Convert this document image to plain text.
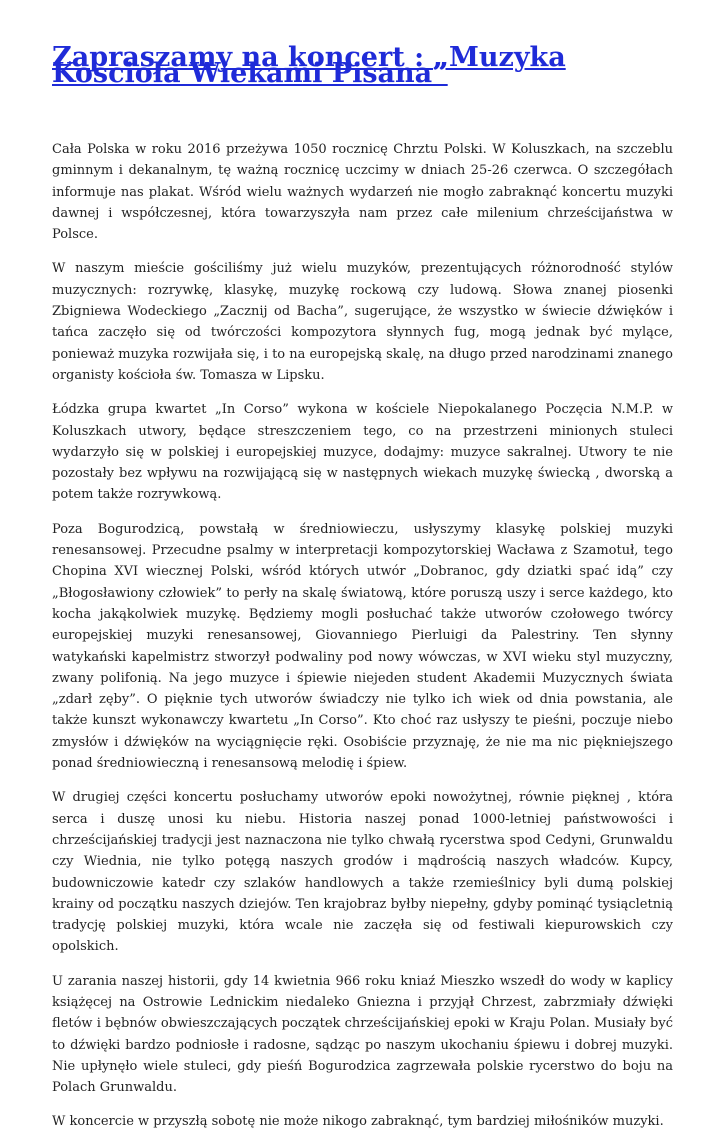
Zapraszamy na koncert : „Muzyka Kościoła Wiekami Pisana”

Cała Polska w roku 2016 przeżywa 1050 rocznicę Chrztu Polski. W Koluszkach, na szczeblu gminnym i dekanalnym, tę ważną rocznicę uczcimy w dniach 25-26 czerwca. O szczegółach informuje nas plakat. Wśród wielu ważnych wydarzeń nie mogło zabraknąć koncertu muzyki dawnej i współczesnej, która towarzyszyła nam przez całe milenium chrześcijaństwa w Polsce.

W naszym mieście gościliśmy już wielu muzyków, prezentujących różnorodność stylów muzycznych: rozrywkę, klasykę, muzykę rockową czy ludową. Słowa znanej piosenki Zbigniewa Wodeckiego „Zacznij od Bacha”, sugerujące, że wszystko w świecie dźwięków i tańca zaczęło się od twórczości kompozytora słynnych fug, mogą jednak być mylące, ponieważ muzyka rozwijała się, i to na europejską skalę, na długo przed narodzinami znanego organisty kościoła św. Tomasza w Lipsku.

Łódzka grupa kwartet „In Corso” wykona w kościele Niepokalanego Poczęcia N.M.P. w Koluszkach utwory, będące streszczeniem tego, co na przestrzeni minionych stuleci wydarzyło się w polskiej i europejskiej muzyce, dodajmy: muzyce sakralnej. Utwory te nie pozostały bez wpływu na rozwijającą się w następnych wiekach muzykę świecką , dworską a potem także rozrywkową.

Poza Bogurodzicą, powstałą w średniowieczu, usłyszymy klasykę polskiej muzyki renesansowej. Przecudne psalmy w interpretacji kompozytorskiej Wacława z Szamotuł, tego Chopina XVI wiecznej Polski, wśród których utwór „Dobranoc, gdy dziatki spać idą” czy „Błogosławiony człowiek” to perły na skalę światową, które poruszą uszy i serce każdego, kto kocha jakąkolwiek muzykę. Będziemy mogli posłuchać także utworów czołowego twórcy europejskiej muzyki renesansowej, Giovanniego Pierluigi da Palestriny. Ten słynny watykański kapelmistrz stworzył podwaliny pod nowy wówczas, w XVI wieku styl muzyczny, zwany polifonią. Na jego muzyce i śpiewie niejeden student Akademii Muzycznych świata „zdarł zęby”. O pięknie tych utworów świadczy nie tylko ich wiek od dnia powstania, ale także kunszt wykonawczy kwartetu „In Corso”. Kto choć raz usłyszy te pieśni, poczuje niebo zmysłów i dźwięków na wyciągnięcie ręki. Osobiście przyznaję, że nie ma nic piękniejszego ponad średniowieczną i renesansową melodię i śpiew.

W drugiej części koncertu posłuchamy utworów epoki nowożytnej, równie pięknej , która serca i duszę unosi ku niebu. Historia naszej ponad 1000-letniej państwowości i chrześcijańskiej tradycji jest naznaczona nie tylko chwałą rycerstwa spod Cedyni, Grunwaldu czy Wiednia, nie tylko potęgą naszych grodów i mądrością naszych władców. Kupcy, budowniczowie katedr czy szlaków handlowych a także rzemieślnicy byli dumą polskiej krainy od początku naszych dziejów. Ten krajobraz byłby niepełny, gdyby pominąć tysiącletnią tradycję polskiej muzyki, która wcale nie zaczęła się od festiwali kiepurowskich czy opolskich.

U zarania naszej historii, gdy 14 kwietnia 966 roku kniaź Mieszko wszedł do wody w kaplicy książęcej na Ostrowie Lednickim niedaleko Gniezna i przyjął Chrzest, zabrzmiały dźwięki fletów i bębnów obwieszczających początek chrześcijańskiej epoki w Kraju Polan. Musiały być to dźwięki bardzo podniosłe i radosne, sądząc po naszym ukochaniu śpiewu i dobrej muzyki. Nie upłynęło wiele stuleci, gdy pieśń Bogurodzica zagrzewała polskie rycerstwo do boju na Polach Grunwaldu.

W koncercie w przyszłą sobotę nie może nikogo zabraknąć, tym bardziej miłośników muzyki.
